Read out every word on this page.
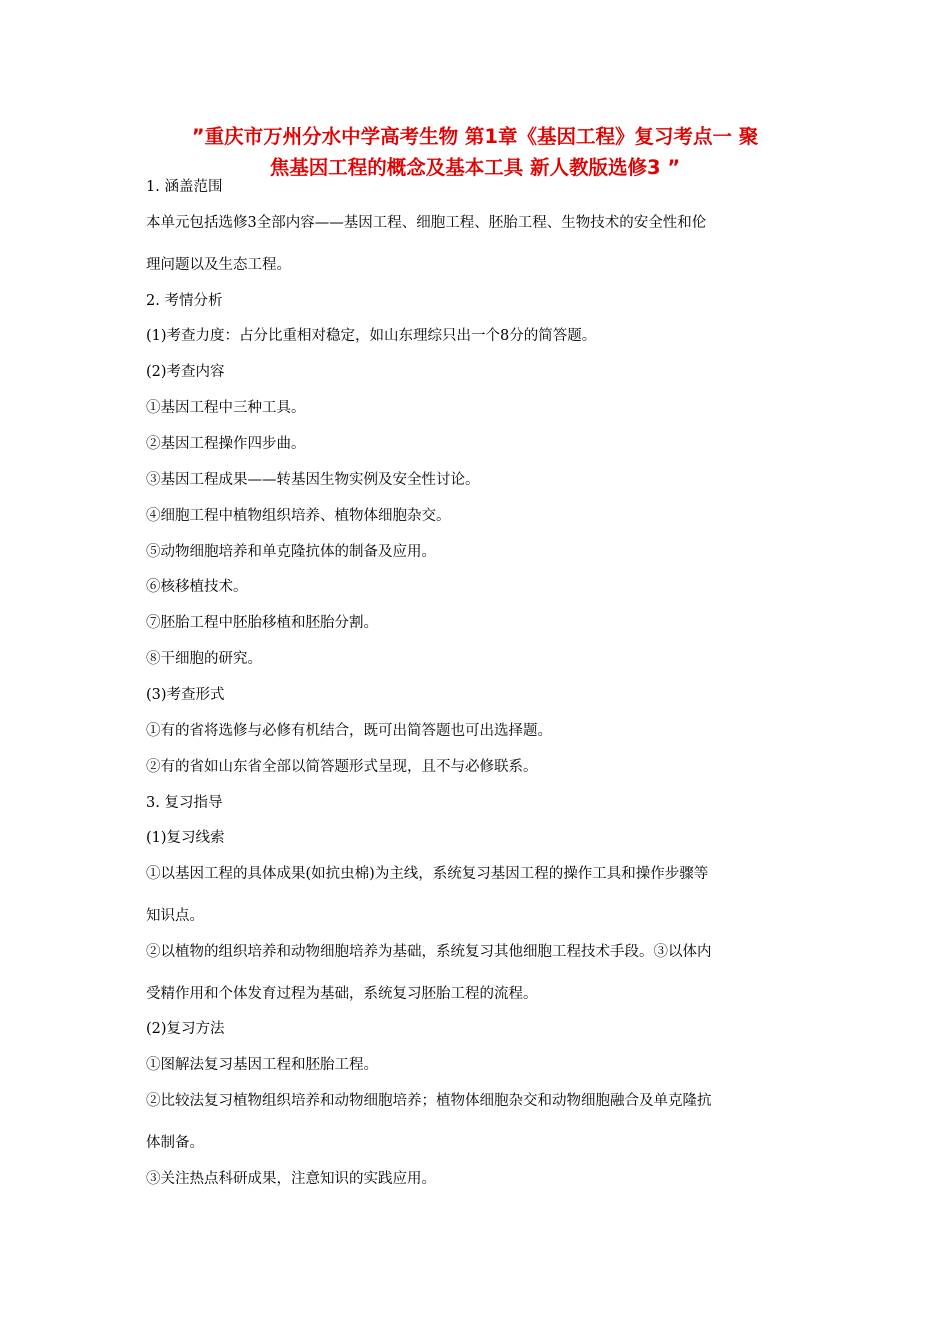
”重庆市万州分水中学高考生物 第1章《基因工程》复习考点一 聚
焦基因工程的概念及基本工具 新人教版选修3 ”
1. 涵盖范围
本单元包括选修3全部内容——基因工程、细胞工程、胚胎工程、生物技术的安全性和伦
理问题以及生态工程。
2. 考情分析
(1)考查力度：占分比重相对稳定，如山东理综只出一个8分的简答题。
(2)考查内容
①基因工程中三种工具。
②基因工程操作四步曲。
③基因工程成果——转基因生物实例及安全性讨论。
④细胞工程中植物组织培养、植物体细胞杂交。
⑤动物细胞培养和单克隆抗体的制备及应用。
⑥核移植技术。
⑦胚胎工程中胚胎移植和胚胎分割。
⑧干细胞的研究。
(3)考查形式
①有的省将选修与必修有机结合，既可出简答题也可出选择题。
②有的省如山东省全部以简答题形式呈现，且不与必修联系。
3. 复习指导
(1)复习线索
①以基因工程的具体成果(如抗虫棉)为主线，系统复习基因工程的操作工具和操作步骤等
知识点。
②以植物的组织培养和动物细胞培养为基础，系统复习其他细胞工程技术手段。③以体内
受精作用和个体发育过程为基础，系统复习胚胎工程的流程。
(2)复习方法
①图解法复习基因工程和胚胎工程。
②比较法复习植物组织培养和动物细胞培养；植物体细胞杂交和动物细胞融合及单克隆抗
体制备。
③关注热点科研成果，注意知识的实践应用。
